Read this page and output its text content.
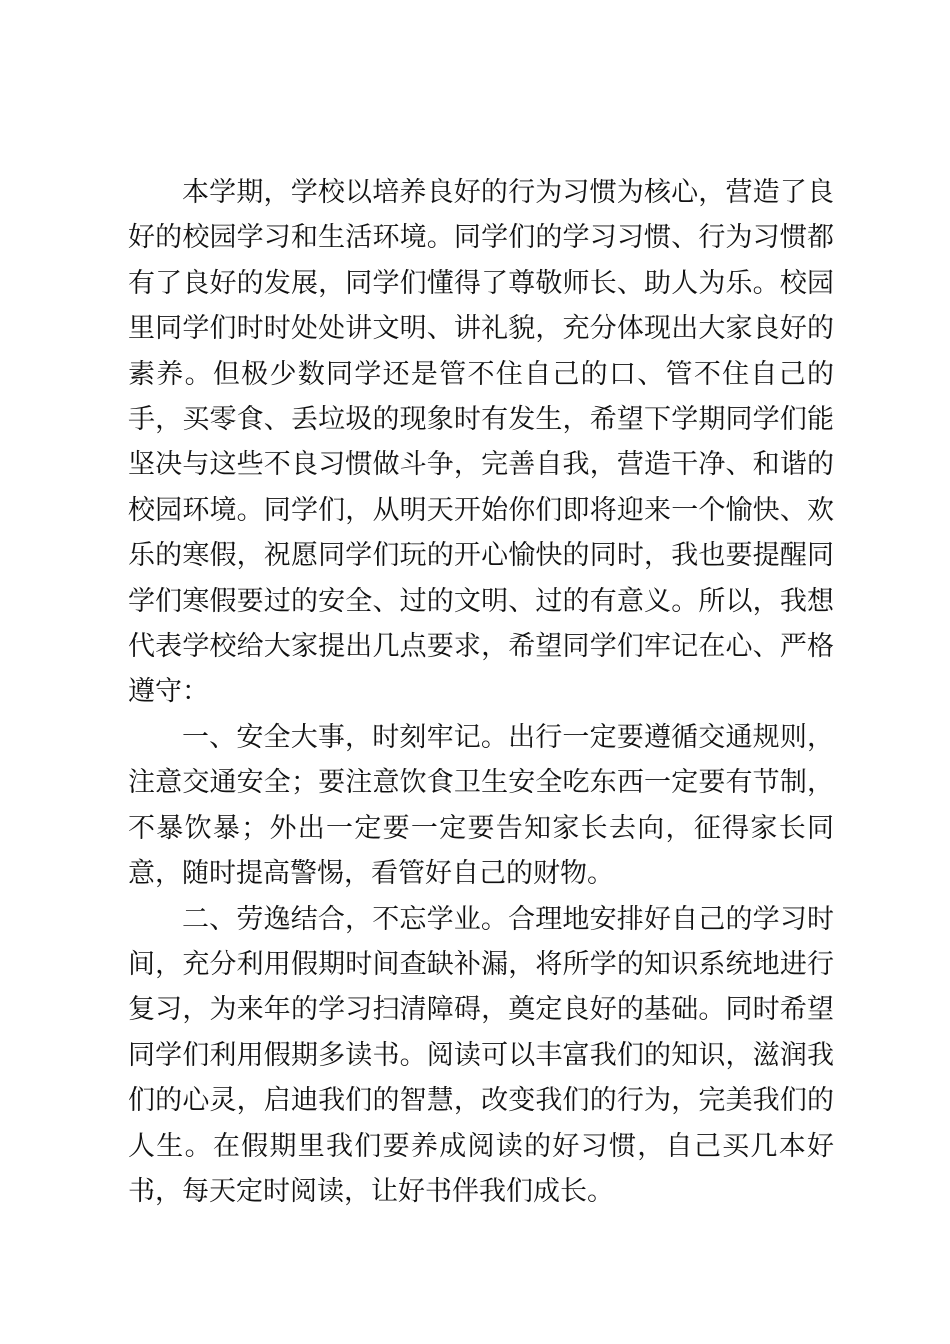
本学期，学校以培养良好的行为习惯为核心，营造了良好的校园学习和生活环境。同学们的学习习惯、行为习惯都有了良好的发展，同学们懂得了尊敬师长、助人为乐。校园里同学们时时处处讲文明、讲礼貌，充分体现出大家良好的素养。但极少数同学还是管不住自己的口、管不住自己的手，买零食、丢垃圾的现象时有发生，希望下学期同学们能坚决与这些不良习惯做斗争，完善自我，营造干净、和谐的校园环境。同学们，从明天开始你们即将迎来一个愉快、欢乐的寒假，祝愿同学们玩的开心愉快的同时，我也要提醒同学们寒假要过的安全、过的文明、过的有意义。所以，我想代表学校给大家提出几点要求，希望同学们牢记在心、严格遵守：

一、安全大事，时刻牢记。出行一定要遵循交通规则，注意交通安全；要注意饮食卫生安全吃东西一定要有节制，不暴饮暴；外出一定要一定要告知家长去向，征得家长同意，随时提高警惕，看管好自己的财物。

二、劳逸结合，不忘学业。合理地安排好自己的学习时间，充分利用假期时间查缺补漏，将所学的知识系统地进行复习，为来年的学习扫清障碍，奠定良好的基础。同时希望同学们利用假期多读书。阅读可以丰富我们的知识，滋润我们的心灵，启迪我们的智慧，改变我们的行为，完美我们的人生。在假期里我们要养成阅读的好习惯，自己买几本好书，每天定时阅读，让好书伴我们成长。
